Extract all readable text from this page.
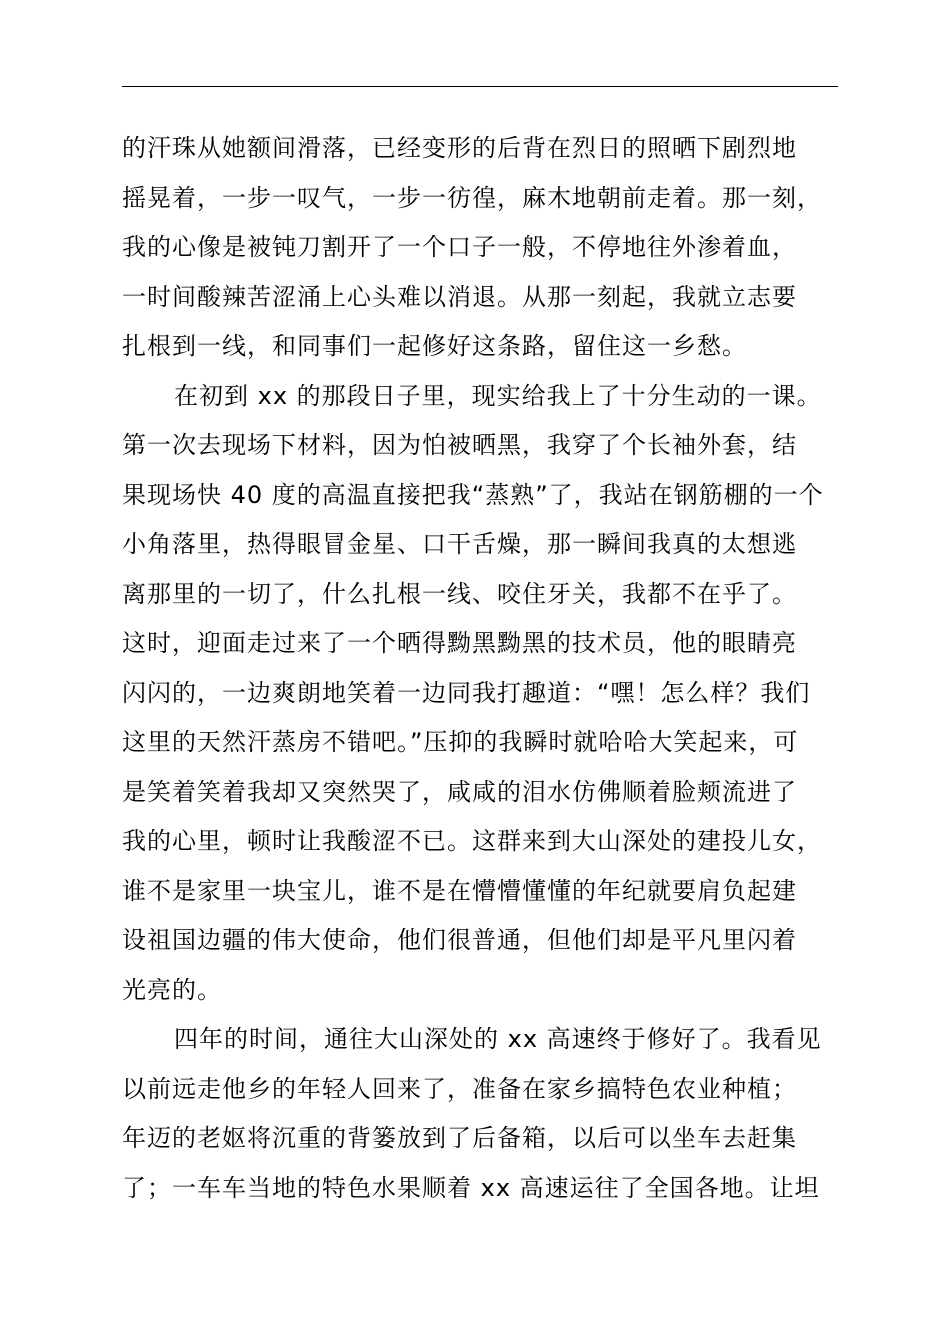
的汗珠从她额间滑落，已经变形的后背在烈日的照晒下剧烈地
摇晃着，一步一叹气，一步一彷徨，麻木地朝前走着。那一刻，
我的心像是被钝刀割开了一个口子一般，不停地往外渗着血，
一时间酸辣苦涩涌上心头难以消退。从那一刻起，我就立志要
扎根到一线，和同事们一起修好这条路，留住这一乡愁。
在初到 xx 的那段日子里，现实给我上了十分生动的一课。
第一次去现场下材料，因为怕被晒黑，我穿了个长袖外套，结
果现场快 40 度的高温直接把我“蒸熟”了，我站在钢筋棚的一个
小角落里，热得眼冒金星、口干舌燥，那一瞬间我真的太想逃
离那里的一切了，什么扎根一线、咬住牙关，我都不在乎了。
这时，迎面走过来了一个晒得黝黑黝黑的技术员，他的眼睛亮
闪闪的，一边爽朗地笑着一边同我打趣道：“嘿！怎么样？我们
这里的天然汗蒸房不错吧。”压抑的我瞬时就哈哈大笑起来，可
是笑着笑着我却又突然哭了，咸咸的泪水仿佛顺着脸颊流进了
我的心里，顿时让我酸涩不已。这群来到大山深处的建投儿女，
谁不是家里一块宝儿，谁不是在懵懵懂懂的年纪就要肩负起建
设祖国边疆的伟大使命，他们很普通，但他们却是平凡里闪着
光亮的。
四年的时间，通往大山深处的 xx 高速终于修好了。我看见
以前远走他乡的年轻人回来了，准备在家乡搞特色农业种植；
年迈的老妪将沉重的背篓放到了后备箱，以后可以坐车去赶集
了；一车车当地的特色水果顺着 xx 高速运往了全国各地。让坦
